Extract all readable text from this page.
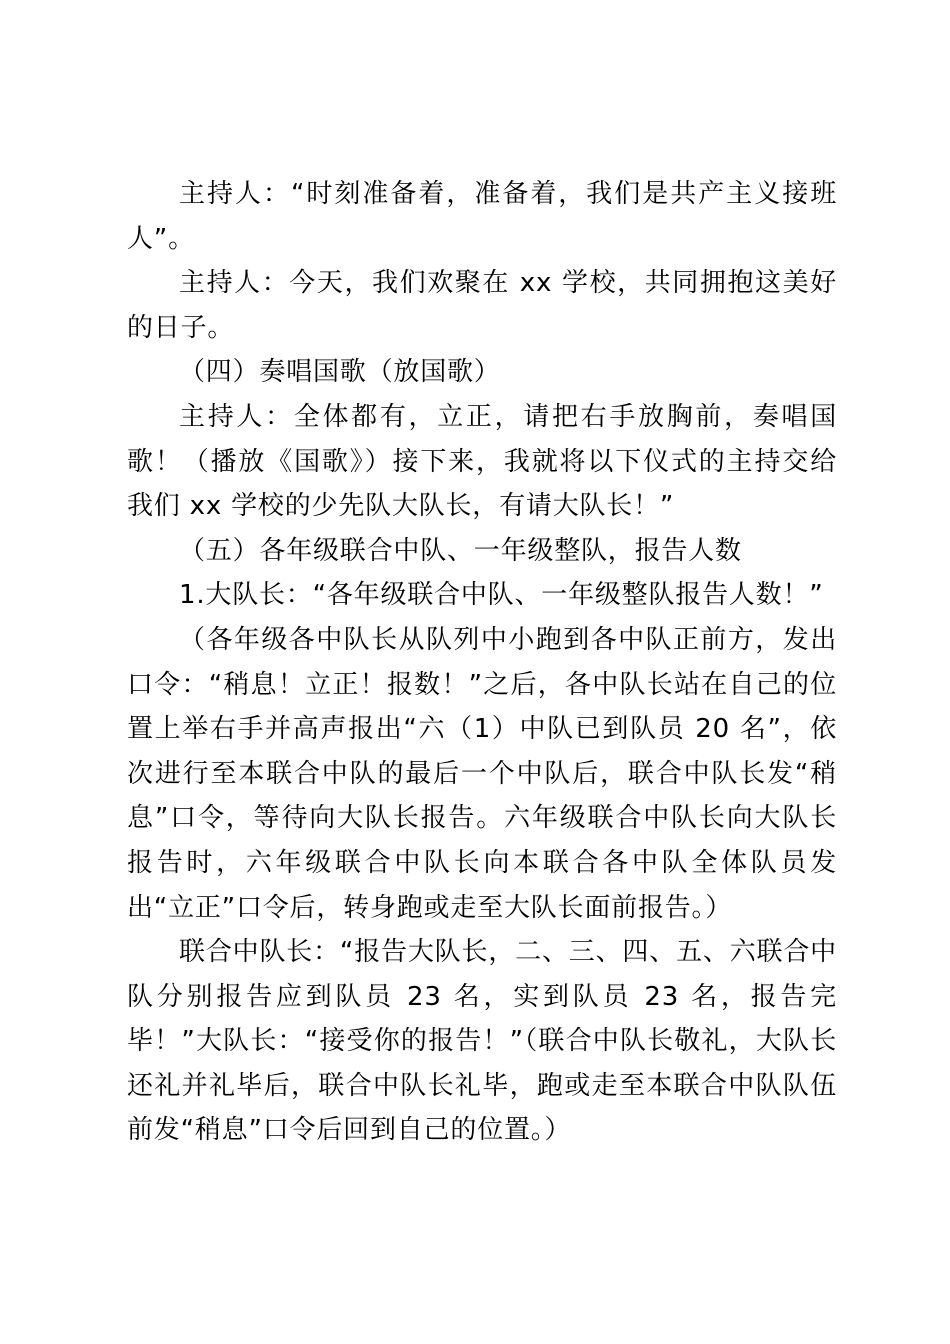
主持人：“时刻准备着，准备着，我们是共产主义接班人”。

主持人：今天，我们欢聚在 xx 学校，共同拥抱这美好的日子。

（四）奏唱国歌（放国歌）

主持人：全体都有，立正，请把右手放胸前，奏唱国歌！（播放《国歌》）接下来，我就将以下仪式的主持交给我们 xx 学校的少先队大队长，有请大队长！”

（五）各年级联合中队、一年级整队，报告人数

1.大队长：“各年级联合中队、一年级整队报告人数！”

（各年级各中队长从队列中小跑到各中队正前方，发出口令：“稍息！立正！报数！”之后，各中队长站在自己的位置上举右手并高声报出“六（1）中队已到队员 20 名”，依次进行至本联合中队的最后一个中队后，联合中队长发“稍息”口令，等待向大队长报告。六年级联合中队长向大队长报告时，六年级联合中队长向本联合各中队全体队员发出“立正”口令后，转身跑或走至大队长面前报告。）

联合中队长：“报告大队长，二、三、四、五、六联合中队分别报告应到队员 23 名，实到队员 23 名，报告完毕！”大队长：“接受你的报告！”（联合中队长敬礼，大队长还礼并礼毕后，联合中队长礼毕，跑或走至本联合中队队伍前发“稍息”口令后回到自己的位置。）
